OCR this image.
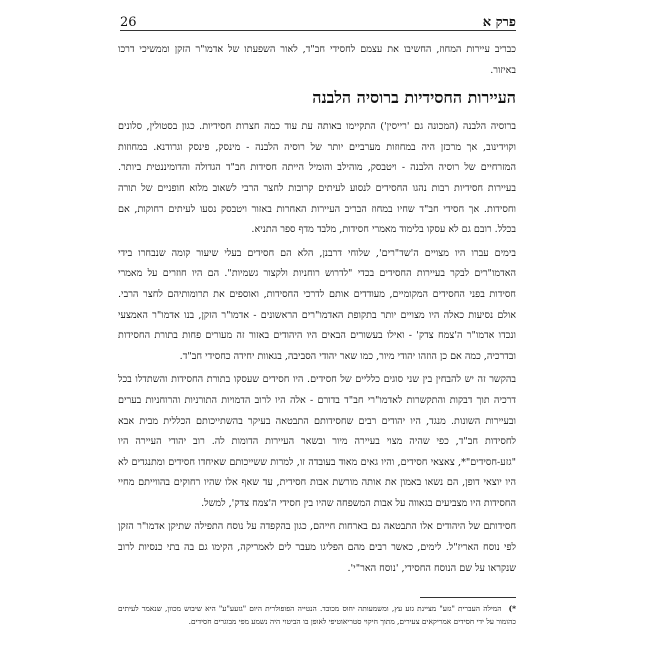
פרק א
26

כבריב עיירות המחוז, החשיבו את עצמם לחסידי חב"ד, לאור השפעתו של אדמו"ר הזקן וממשיכי דרכו באיזור.

העיירות החסידיות ברוסיה הלבנה

ברוסיה הלבנה (המכונה גם 'רייסין') התקיימו באותה עת עוד כמה חצרות חסידיות. כגון בסטולין, סלונים וקוידינוב, אך מרכזן היה במחוזות מערביים יותר של רוסיה הלבנה - מינסק, פינסק וגרודנא. במחוזות המזרחיים של רוסיה הלבנה - ויטבסק, מוהילב והומיל הייתה חסידות חב"ד הגדולה והדומיננטית ביותר. בעיירות חסידיות רבות נהגו החסידים לנסוע לעיתים קרובות לחצר הרבי לשאוב מלוא חופניים של תורה וחסידות. אך חסידי חב"ד שחיו במחוז הבריב העיירות האחרות באזור ויטבסק נסעו לעיתים רחוקות, אם בכלל. רובם גם לא עסקו בלימוד מאמרי חסידות, מלבד מדף ספר התניא.

בימים עברו היו מצויים ה'שד"רים', שלוחי דרבנן, הלא הם חסידים בעלי שיעור קומה שנבחרו בידי האדמו"רים לבקר בעיירות החסידים בכדי "לדרוש רוחניות ולקצור גשמיות". הם היו חוזרים על מאמרי חסידות בפני החסידים המקומיים, מעודדים אותם לדרכי החסידות, ואוספים את תרומותיהם לחצר הרבי. אולם נסיעות כאלה היו מצויים יותר בתקופת האדמו"רים הראשונים - אדמו"ר הזקן, בנו אדמו"ר האמצעי ונכדו אדמו"ר ה'צמח צדק' - ואילו בעשורים הבאים היו היהודים באזור זה מעורים פחות בתורת החסידות ובדרכיה, כמה אם כן הוזהו יהודי מיור, כמו שאר יהודי הסביבה, בגאוות יחידה כחסידי חב"ד.

בהקשר זה יש להבחין בין שני סוגים כלליים של חסידים. היו חסידים שעסקו בתורת החסידות והשתדלו בכל דרכיה תוך דבקות והתקשרות לאדמו"רי חב"ד בדורם - אלה היו לרוב הדמויות התורניות והרוחניות בערים ובעיירות השונות. מנגד, היו יהודים רבים שחסידותם התבטאה בעיקר בהשתייכותם הכללית מבית אבא לחסידות חב"ד, כפי שהיה מצוי בעיירה מיור ובשאר העיירות הדומות לה. רוב יהודי העיירה היו "גזע-חסידים"*, צאצאי חסידים, והיו גאים מאוד בעובדה זו, למרות ששייכותם שאיחדו חסידים ומתנגדים לא היו יוצאי דופן, הם נשאו באמון את אותה מורשת אבות חסידית, עד שאף אלו שהיו רחוקים בהווייתם מחיי החסידות היו מצביעים בגאווה על אבות המשפחה שהיו בין חסידי ה'צמח צדק', למשל.

חסידותם של היהודים אלו התבטאה גם בארחות חייהם, כגון בהקפדה על נוסח התפילה שתיקן אדמו"ר הזקן לפי נוסח האריז"ל. לימים, כאשר רבים מהם הפליגו מעבר לים לאמריקה, הקימו גם בה בתי כנסיות לרוב שנקראו על שם הנוסח החסידי, 'נוסח האר"י'.

*) המילה העברית "גזע" מציינת גזע עץ, ומשמעותה יחוס מכובד. הנטייה הפופולרית היום "גזעע"ע" היא שיבוש מכוון, שנאמר לעיתים כהומור על ידי חסידים אמריקאים צעירים, מתוך חיקוי סטריאוטיפי לאופן בו הביטוי היה נשמע מפי מבוגרים חסידים.
